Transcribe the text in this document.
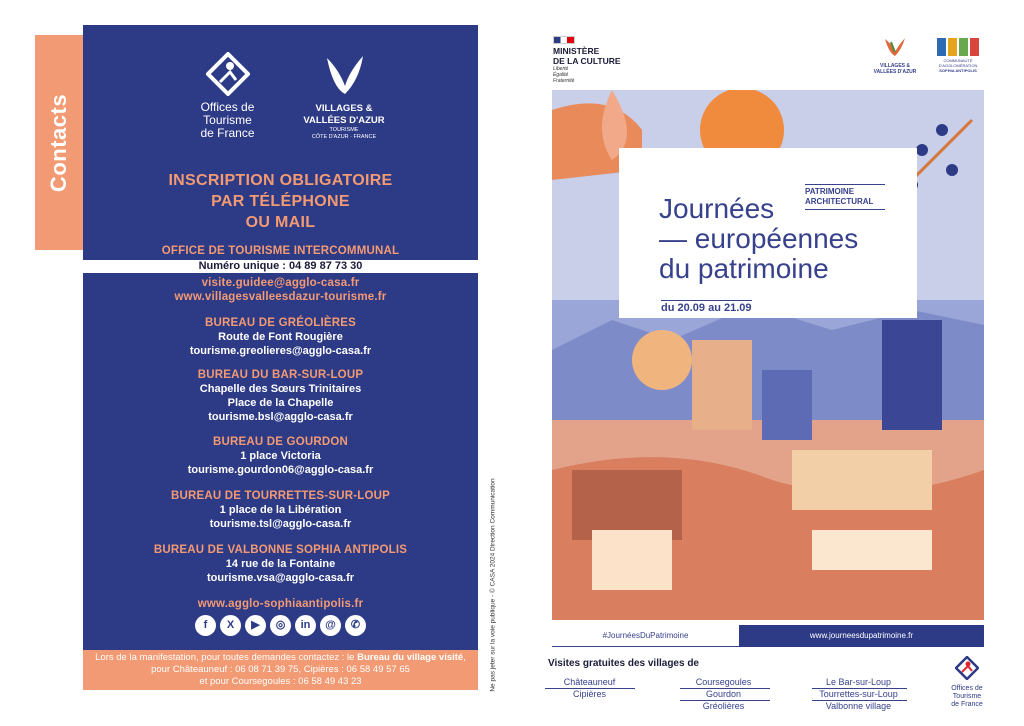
Contacts	Offices de
Tourisme
de France
VILLAGES &
VALLÉES D'AZUR
TOURISME
CÔTE D'AZUR · FRANCE
INSCRIPTION OBLIGATOIRE
PAR TÉLÉPHONE
OU MAIL
OFFICE DE TOURISME INTERCOMMUNAL
Numéro unique : 04 89 87 73 30
visite.guidee@agglo-casa.fr
www.villagesvalleesdazur-tourisme.fr
BUREAU DE GRÉOLIÈRES
Route de Font Rougière
tourisme.greolieres@agglo-casa.fr
BUREAU DU BAR-SUR-LOUP
Chapelle des Sœurs Trinitaires
Place de la Chapelle
tourisme.bsl@agglo-casa.fr
BUREAU DE GOURDON
1 place Victoria
tourisme.gourdon06@agglo-casa.fr
BUREAU DE TOURRETTES-SUR-LOUP
1 place de la Libération
tourisme.tsl@agglo-casa.fr
BUREAU DE VALBONNE SOPHIA ANTIPOLIS
14 rue de la Fontaine
tourisme.vsa@agglo-casa.fr
www.agglo-sophiaantipolis.fr
f X ▶ ◎ in @ ✆
Lors de la manifestation, pour toutes demandes contactez : le Bureau du village visité,
pour Châteauneuf : 06 08 71 39 75, Cipières : 06 58 49 57 65
et pour Coursegoules : 06 58 49 43 23	Ne pas jeter sur la voie publique - © CASA 2024 Direction Communication
MINISTÈRE
DE LA CULTURE
Liberté
Égalité
Fraternité
VILLAGES &
VALLÉES D'AZUR
COMMUNAUTÉ
D'AGGLOMÉRATION
SOPHIA ANTIPOLIS
PATRIMOINE
ARCHITECTURAL
Journées
— européennes
du patrimoine
du 20.09 au 21.09
#JournéesDuPatrimoine	www.journeesdupatrimoine.fr
Visites gratuites des villages de
Châteauneuf
Cipières
Coursegoules
Gourdon
Gréolières
Le Bar-sur-Loup
Tourrettes-sur-Loup
Valbonne village
Offices de
Tourisme
de France
